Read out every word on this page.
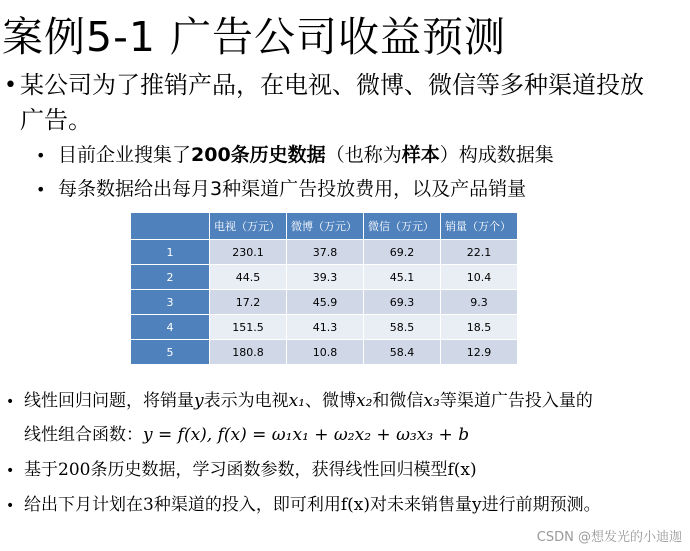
案例5-1 广告公司收益预测
• 某公司为了推销产品，在电视、微博、微信等多种渠道投放广告。
• 目前企业搜集了200条历史数据（也称为样本）构成数据集
• 每条数据给出每月3种渠道广告投放费用，以及产品销量
	电视（万元）	微博（万元）	微信（万元）	销量（万个）
1	230.1	37.8	69.2	22.1
2	44.5	39.3	45.1	10.4
3	17.2	45.9	69.3	9.3
4	151.5	41.3	58.5	18.5
5	180.8	10.8	58.4	12.9
• 线性回归问题，将销量y表示为电视x₁、微博x₂和微信x₃等渠道广告投入量的
线性组合函数：y = f(x), f(x) = ω₁x₁ + ω₂x₂ + ω₃x₃ + b
• 基于200条历史数据，学习函数参数，获得线性回归模型f(x)
• 给出下月计划在3种渠道的投入，即可利用f(x)对未来销售量y进行前期预测。
CSDN @想发光的小迪迦
